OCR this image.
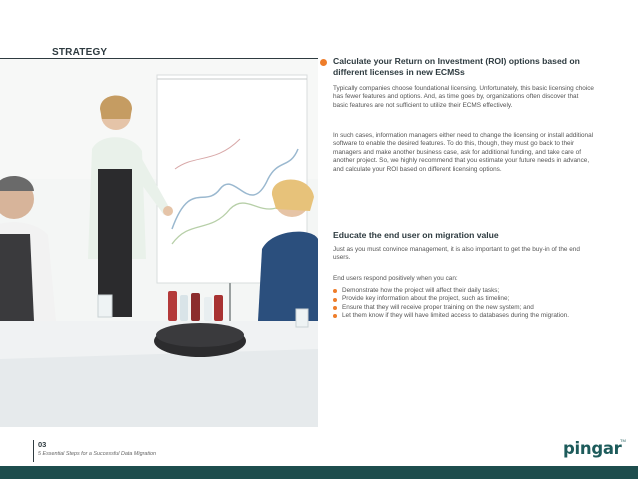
STRATEGY
Calculate your Return on Investment (ROI) options based on different licenses in new ECMSs
Typically companies choose foundational licensing. Unfortunately, this basic licensing choice has fewer features and options. And, as time goes by, organizations often discover that basic features are not sufficient to utilize their ECMS effectively.
In such cases, information managers either need to change the licensing or install additional software to enable the desired features. To do this, though, they must go back to their managers and make another business case, ask for additional funding, and take care of another project. So, we highly recommend that you estimate your future needs in advance, and calculate your ROI based on different licensing options.
Educate the end user on migration value
Just as you must convince management, it is also important to get the buy-in of the end users.
End users respond positively when you can:
Demonstrate how the project will affect their daily tasks;
Provide key information about the project, such as timeline;
Ensure that they will receive proper training on the new system; and
Let them know if they will have limited access to databases during the migration.
03
5 Essential Steps for a Successful Data Migration	pingar
TM
